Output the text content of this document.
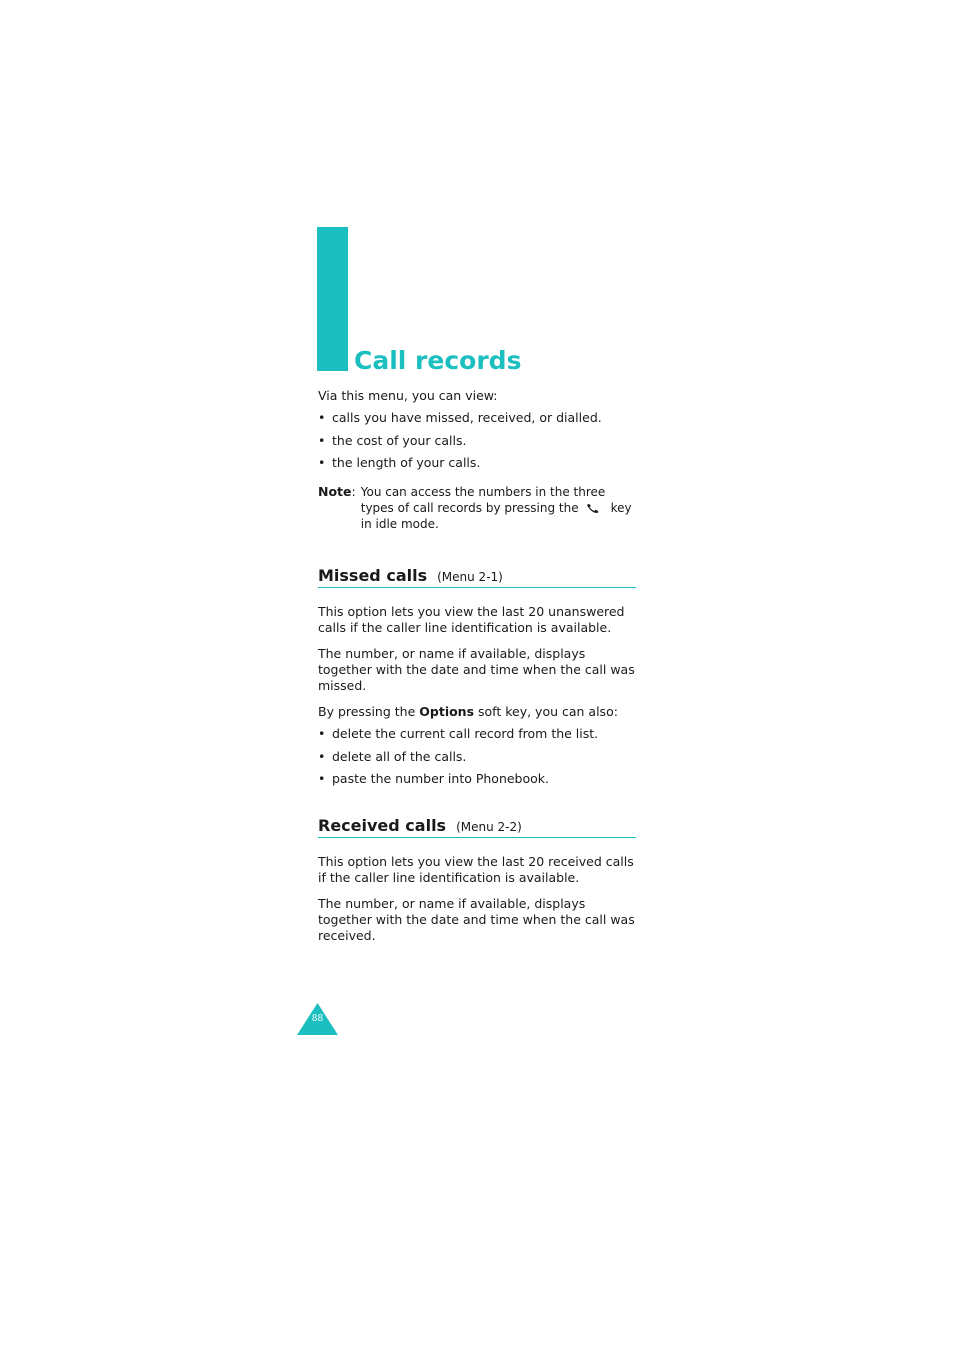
Call records

Via this menu, you can view:

• calls you have missed, received, or dialled.
• the cost of your calls.
• the length of your calls.
Note : You can access the numbers in the three types of call records by pressing the	key in idle mode.
Missed calls (Menu 2-1)

This option lets you view the last 20 unanswered calls if the caller line identification is available.

The number, or name if available, displays together with the date and time when the call was missed.

By pressing the Options soft key, you can also:

• delete the current call record from the list.
• delete all of the calls.
• paste the number into Phonebook.
Received calls (Menu 2-2)

This option lets you view the last 20 received calls if the caller line identification is available.

The number, or name if available, displays together with the date and time when the call was received.

88
